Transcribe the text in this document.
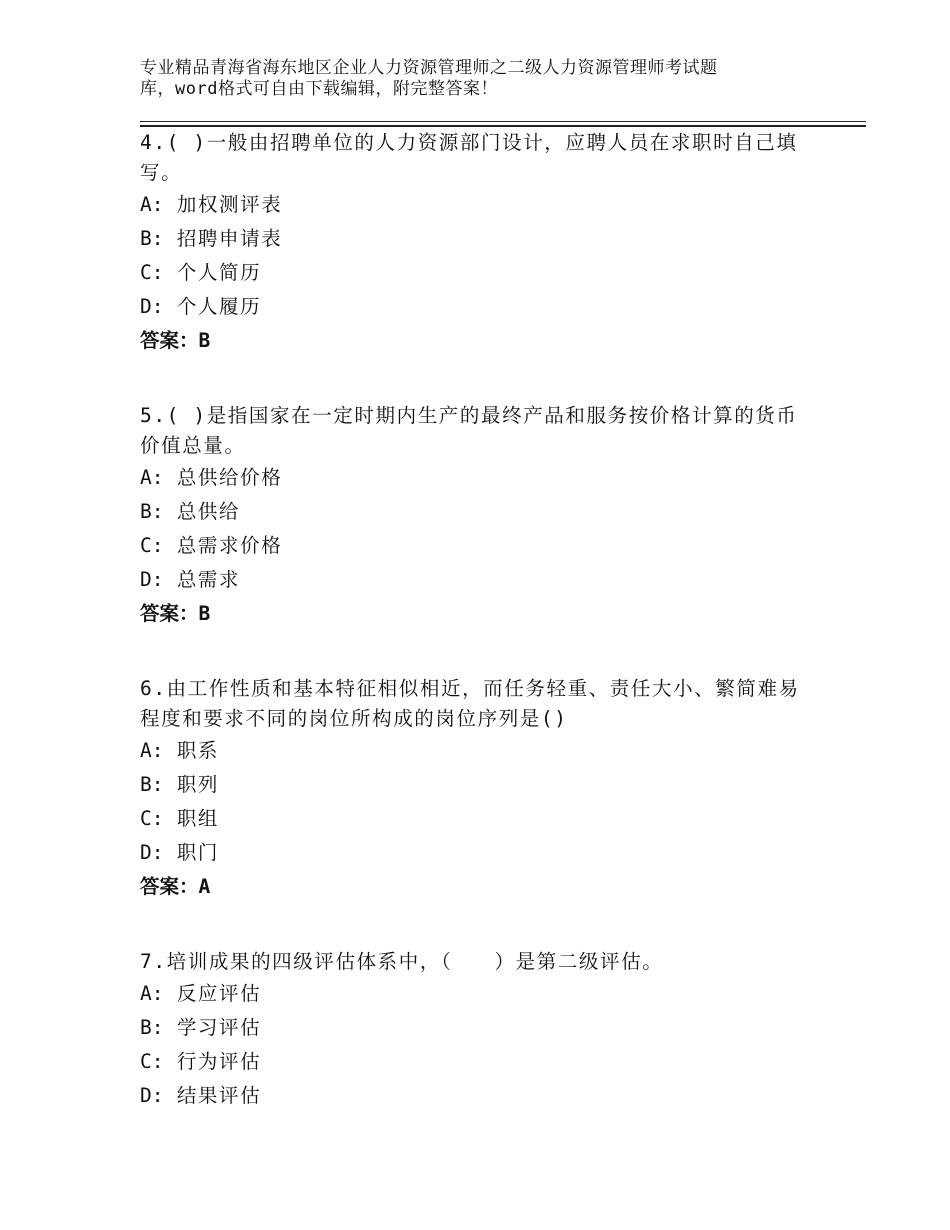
专业精品青海省海东地区企业人力资源管理师之二级人力资源管理师考试题
库，word格式可自由下载编辑，附完整答案！
4.( )一般由招聘单位的人力资源部门设计，应聘人员在求职时自己填写。
A: 加权测评表
B: 招聘申请表
C: 个人简历
D: 个人履历
答案：B
5.( )是指国家在一定时期内生产的最终产品和服务按价格计算的货币价值总量。
A: 总供给价格
B: 总供给
C: 总需求价格
D: 总需求
答案：B
6.由工作性质和基本特征相似相近，而任务轻重、责任大小、繁简难易程度和要求不同的岗位所构成的岗位序列是()
A: 职系
B: 职列
C: 职组
D: 职门
答案：A
7.培训成果的四级评估体系中，（　　）是第二级评估。
A: 反应评估
B: 学习评估
C: 行为评估
D: 结果评估
